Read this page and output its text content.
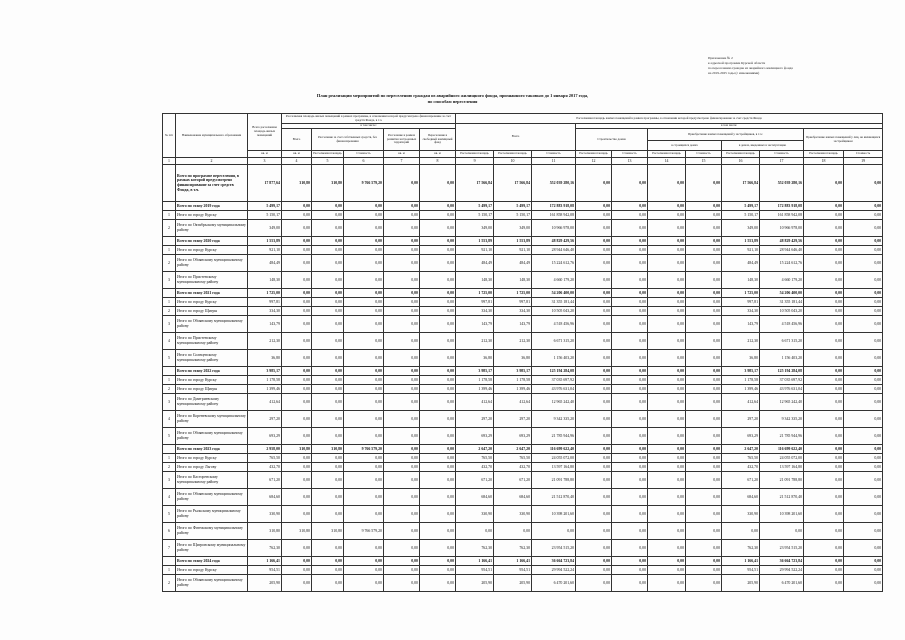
Приложение № 2
к адресной программе Курской области
по переселению граждан из аварийного жилищного фонда
на 2019-2025 годы (с изменениями)
План реализации мероприятий по переселению граждан из аварийного жилищного фонда, признанного таковым до 1 января 2017 года,
по способам переселения
№ п/п	Наименование муниципального образования	Всего расселяемая площадь жилых помещений	Расселяемая площадь жилых помещений в рамках программы, в отношении которой предусмотрено финансирование за счет средств Фонда, в т.ч.					Расселяемая площадь жилых помещений в рамках программы, в отношении которой предусмотрено финансирование за счет средств Фонда										
			в том числе:					Всего			в том числе:							
			Всего	Расселение за счет собственных средств, без финансирования		Расселение в рамках развития застроенных территорий	Переселение в свободный жилищный фонд				Строительство домов		Приобретение жилых помещений у застройщиков, в т.ч.:				Приобретение жилых помещений у лиц, не являющихся застройщиком	
													в строящихся домах		в домах, введенных в эксплуатацию			
		кв. м	кв. м	Расселяемая площадь	Стоимость	кв. м	кв. м	Расселяемая площадь	Расселяемая площадь	Стоимость	Расселяемая площадь	Стоимость	Расселяемая площадь	Стоимость	Расселяемая площадь	Стоимость	Расселяемая площадь	Стоимость
1	2	3	4	5	6	7	8	9	10	11	12	13	14	15	16	17	18	19
	Всего по программе переселения, в рамках которой предусмотрено финансирование за счет средств Фонда, в т.ч.	17 877,64	310,80	310,80	9 766 579,20	0,00	0,00	17 566,84	17 566,84	552 039 280,16	0,00	0,00	0,00	0,00	17 566,84	552 039 280,16	0,00	0,00
	Всего по этапу 2019 года	5 499,17	0,00	0,00	0,00	0,00	0,00	5 499,17	5 499,17	172 883 918,08	0,00	0,00	0,00	0,00	5 499,17	172 883 918,08	0,00	0,00
1	Итого по городу Курску	5 150,17	0,00	0,00	0,00	0,00	0,00	5 150,17	5 150,17	161 858 942,08	0,00	0,00	0,00	0,00	5 150,17	161 858 942,08	0,00	0,00
2	Итого по Октябрьскому муниципальному району	349,00	0,00	0,00	0,00	0,00	0,00	349,00	349,00	10 966 978,00	0,00	0,00	0,00	0,00	349,00	10 966 978,00	0,00	0,00
	Всего по этапу 2020 года	1 553,89	0,00	0,00	0,00	0,00	0,00	1 553,89	1 553,89	48 829 429,56	0,00	0,00	0,00	0,00	1 553,89	48 829 429,56	0,00	0,00
1	Итого по городу Курску	921,10	0,00	0,00	0,00	0,00	0,00	921,10	921,10	28 944 646,40	0,00	0,00	0,00	0,00	921,10	28 944 646,40	0,00	0,00
2	Итого по Обоянскому муниципальному району	484,49	0,00	0,00	0,00	0,00	0,00	484,49	484,49	15 224 612,76	0,00	0,00	0,00	0,00	484,49	15 224 612,76	0,00	0,00
3	Итого по Пристенскому муниципальному району	148,30	0,00	0,00	0,00	0,00	0,00	148,30	148,30	4 660 179,20	0,00	0,00	0,00	0,00	148,30	4 660 179,20	0,00	0,00
	Всего по этапу 2021 года	1 725,00	0,00	0,00	0,00	0,00	0,00	1 725,00	1 725,00	54 206 400,00	0,00	0,00	0,00	0,00	1 725,00	54 206 400,00	0,00	0,00
1	Итого по городу Курску	997,81	0,00	0,00	0,00	0,00	0,00	997,81	997,81	31 355 181,44	0,00	0,00	0,00	0,00	997,81	31 355 181,44	0,00	0,00
2	Итого по городу Щигры	334,30	0,00	0,00	0,00	0,00	0,00	334,30	334,30	10 505 043,20	0,00	0,00	0,00	0,00	334,30	10 505 043,20	0,00	0,00
3	Итого по Обоянскому муниципальному району	143,79	0,00	0,00	0,00	0,00	0,00	143,79	143,79	4 518 456,96	0,00	0,00	0,00	0,00	143,79	4 518 456,96	0,00	0,00
4	Итого по Пристенскому муниципальному району	212,30	0,00	0,00	0,00	0,00	0,00	212,30	212,30	6 671 315,20	0,00	0,00	0,00	0,00	212,30	6 671 315,20	0,00	0,00
5	Итого по Солнцевскому муниципальному району	36,80	0,00	0,00	0,00	0,00	0,00	36,80	36,80	1 156 403,20	0,00	0,00	0,00	0,00	36,80	1 156 403,20	0,00	0,00
	Всего по этапу 2022 года	3 985,17	0,00	0,00	0,00	0,00	0,00	3 985,17	3 985,17	125 194 284,08	0,00	0,00	0,00	0,00	3 985,17	125 194 284,08	0,00	0,00
1	Итого по городу Курску	1 178,58	0,00	0,00	0,00	0,00	0,00	1 178,58	1 178,58	37 035 697,92	0,00	0,00	0,00	0,00	1 178,58	37 035 697,92	0,00	0,00
2	Итого по городу Щигры	1 399,46	0,00	0,00	0,00	0,00	0,00	1 399,46	1 399,46	43 976 631,04	0,00	0,00	0,00	0,00	1 399,46	43 976 631,04	0,00	0,00
3	Итого по Дмитриевскому муниципальному району	412,64	0,00	0,00	0,00	0,00	0,00	412,64	412,64	12 965 242,40	0,00	0,00	0,00	0,00	412,64	12 965 242,40	0,00	0,00
4	Итого по Кореневскому муниципальному району	297,20	0,00	0,00	0,00	0,00	0,00	297,20	297,20	9 342 335,20	0,00	0,00	0,00	0,00	297,20	9 342 335,20	0,00	0,00
5	Итого по Обоянскому муниципальному району	693,29	0,00	0,00	0,00	0,00	0,00	693,29	693,29	21 785 944,96	0,00	0,00	0,00	0,00	693,29	21 785 944,96	0,00	0,00
	Всего по этапу 2023 года	2 958,00	310,80	310,80	9 766 579,20	0,00	0,00	2 647,20	2 647,20	116 699 622,40	0,00	0,00	0,00	0,00	2 647,20	116 699 622,40	0,00	0,00
1	Итого по городу Курску	765,50	0,00	0,00	0,00	0,00	0,00	765,50	765,50	24 055 072,00	0,00	0,00	0,00	0,00	765,50	24 055 072,00	0,00	0,00
2	Итого по городу Льгову	432,70	0,00	0,00	0,00	0,00	0,00	432,70	432,70	13 597 164,80	0,00	0,00	0,00	0,00	432,70	13 597 164,80	0,00	0,00
3	Итого по Касторенскому муниципальному району	671,20	0,00	0,00	0,00	0,00	0,00	671,20	671,20	21 091 788,80	0,00	0,00	0,00	0,00	671,20	21 091 788,80	0,00	0,00
4	Итого по Обоянскому муниципальному району	684,60	0,00	0,00	0,00	0,00	0,00	684,60	684,60	21 512 870,40	0,00	0,00	0,00	0,00	684,60	21 512 870,40	0,00	0,00
5	Итого по Рыльскому муниципальному району	330,90	0,00	0,00	0,00	0,00	0,00	330,90	330,90	10 398 201,60	0,00	0,00	0,00	0,00	330,90	10 398 201,60	0,00	0,00
6	Итого по Фатежскому муниципальному району	310,80	310,80	310,80	9 766 579,20	0,00	0,00	0,00	0,00	0,00	0,00	0,00	0,00	0,00	0,00	0,00	0,00	0,00
7	Итого по Щигровскому муниципальному району	762,30	0,00	0,00	0,00	0,00	0,00	762,30	762,30	23 954 515,20	0,00	0,00	0,00	0,00	762,30	23 954 515,20	0,00	0,00
	Всего по этапу 2024 года	1 166,41	0,00	0,00	0,00	0,00	0,00	1 166,41	1 166,41	36 664 723,84	0,00	0,00	0,00	0,00	1 166,41	36 664 723,84	0,00	0,00
1	Итого по городу Курску	954,51	0,00	0,00	0,00	0,00	0,00	954,51	954,51	29 994 522,24	0,00	0,00	0,00	0,00	954,51	29 994 522,24	0,00	0,00
2	Итого по Обоянскому муниципальному району	205,90	0,00	0,00	0,00	0,00	0,00	205,90	205,90	6 470 201,60	0,00	0,00	0,00	0,00	205,90	6 470 201,60	0,00	0,00
